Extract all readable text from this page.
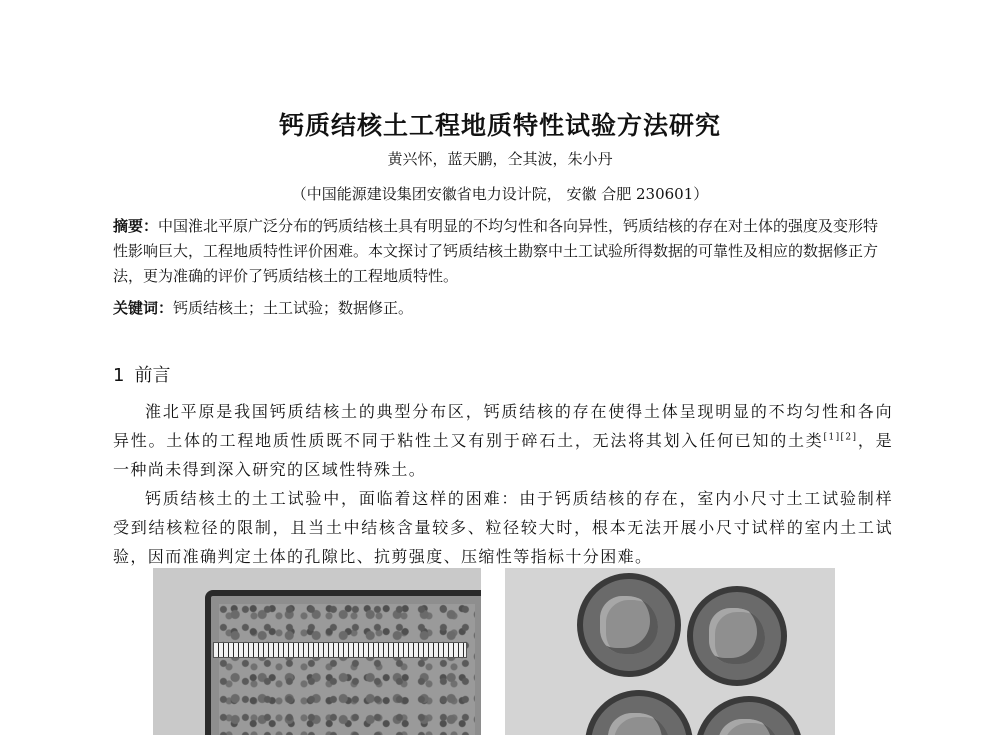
钙质结核土工程地质特性试验方法研究
黄兴怀，蓝天鹏，仝其波，朱小丹
（中国能源建设集团安徽省电力设计院， 安徽 合肥 230601）
摘要：中国淮北平原广泛分布的钙质结核土具有明显的不均匀性和各向异性，钙质结核的存在对土体的强度及变形特性影响巨大，工程地质特性评价困难。本文探讨了钙质结核土勘察中土工试验所得数据的可靠性及相应的数据修正方法，更为准确的评价了钙质结核土的工程地质特性。
关键词：钙质结核土；土工试验；数据修正。
1 前言

淮北平原是我国钙质结核土的典型分布区，钙质结核的存在使得土体呈现明显的不均匀性和各向异性。土体的工程地质性质既不同于粘性土又有别于碎石土，无法将其划入任何已知的土类[1][2]，是一种尚未得到深入研究的区域性特殊土。

钙质结核土的土工试验中，面临着这样的困难：由于钙质结核的存在，室内小尺寸土工试验制样受到结核粒径的限制，且当土中结核含量较多、粒径较大时，根本无法开展小尺寸试样的室内土工试验，因而准确判定土体的孔隙比、抗剪强度、压缩性等指标十分困难。
